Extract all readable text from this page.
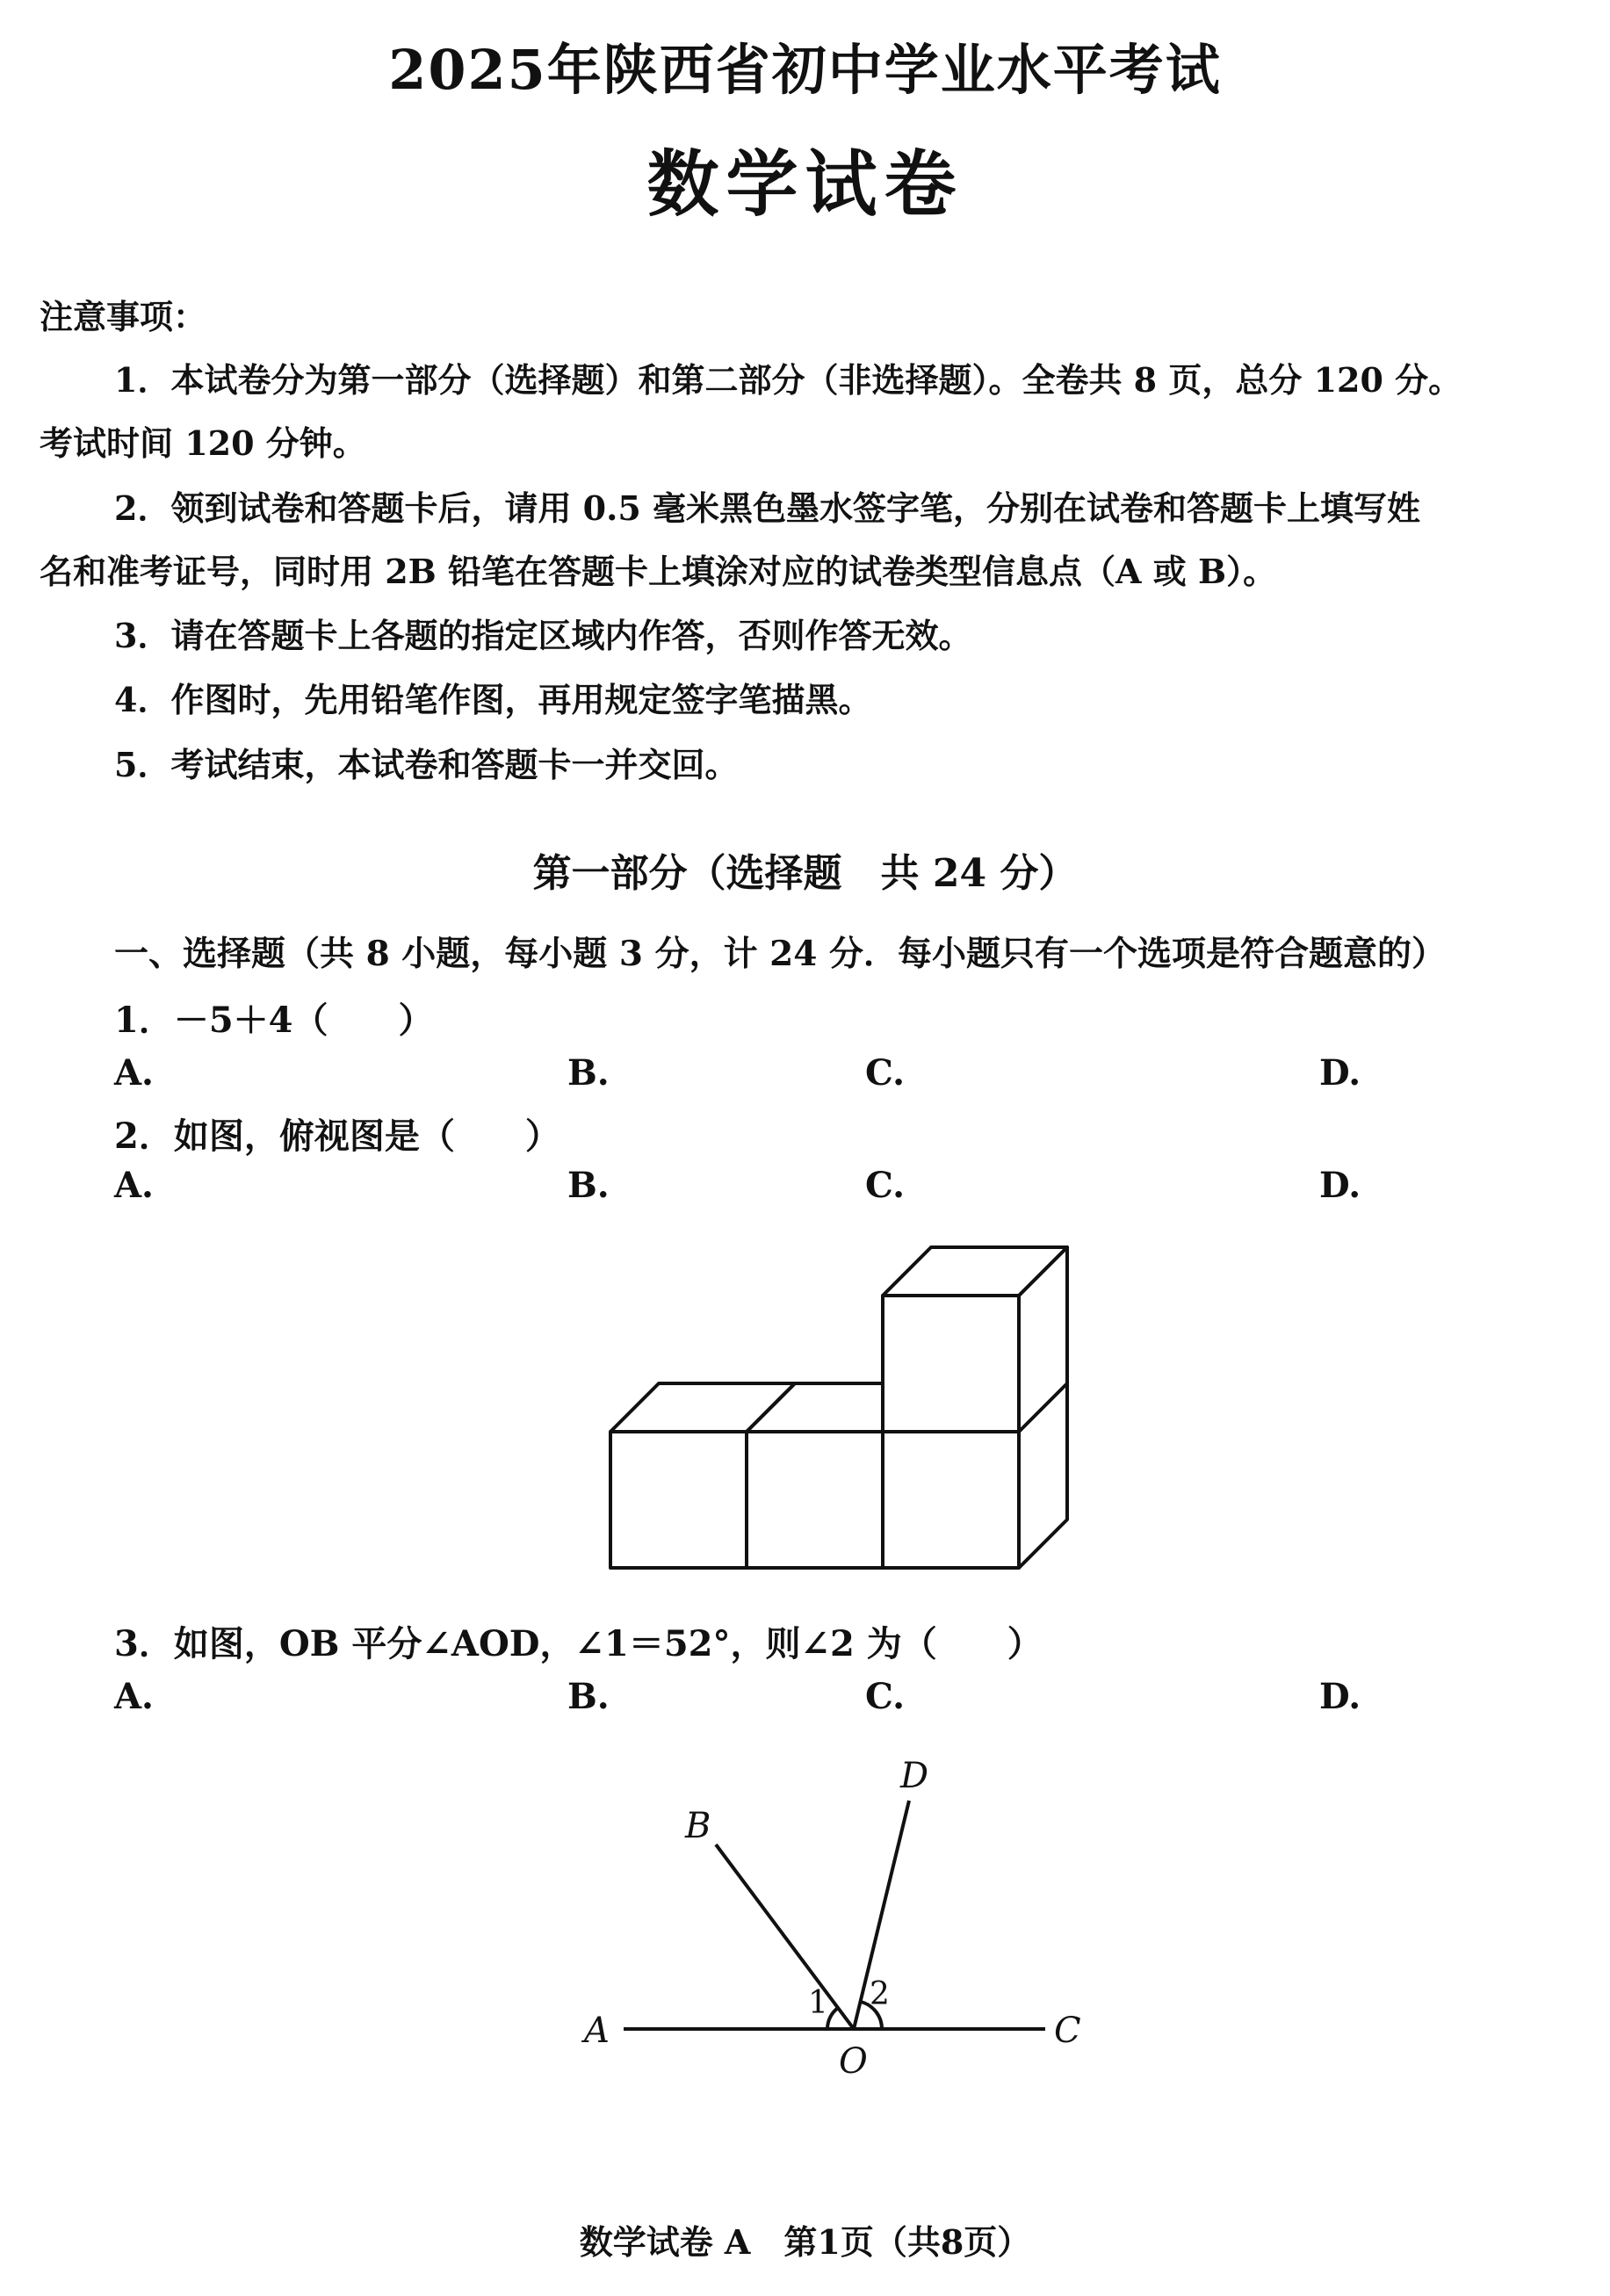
2025年陕西省初中学业水平考试
数学试卷
注意事项：
1．本试卷分为第一部分（选择题）和第二部分（非选择题）。全卷共 8 页，总分 120 分。
考试时间 120 分钟。
2．领到试卷和答题卡后，请用 0.5 毫米黑色墨水签字笔，分别在试卷和答题卡上填写姓
名和准考证号，同时用 2B 铅笔在答题卡上填涂对应的试卷类型信息点（A 或 B）。
3．请在答题卡上各题的指定区域内作答，否则作答无效。
4．作图时，先用铅笔作图，再用规定签字笔描黑。
5．考试结束，本试卷和答题卡一并交回。
第一部分（选择题　共 24 分）
一、选择题（共 8 小题，每小题 3 分，计 24 分．每小题只有一个选项是符合题意的）
1．－5＋4（　　）
A.	B.	C.	D.
2．如图，俯视图是（　　）
A.	B.	C.	D.
3．如图，OB 平分∠AOD，∠1＝52°，则∠2 为（　　）
A.	B.	C.	D.
A
B
C
D
O
1 2
数学试卷 A　第1页（共8页）
